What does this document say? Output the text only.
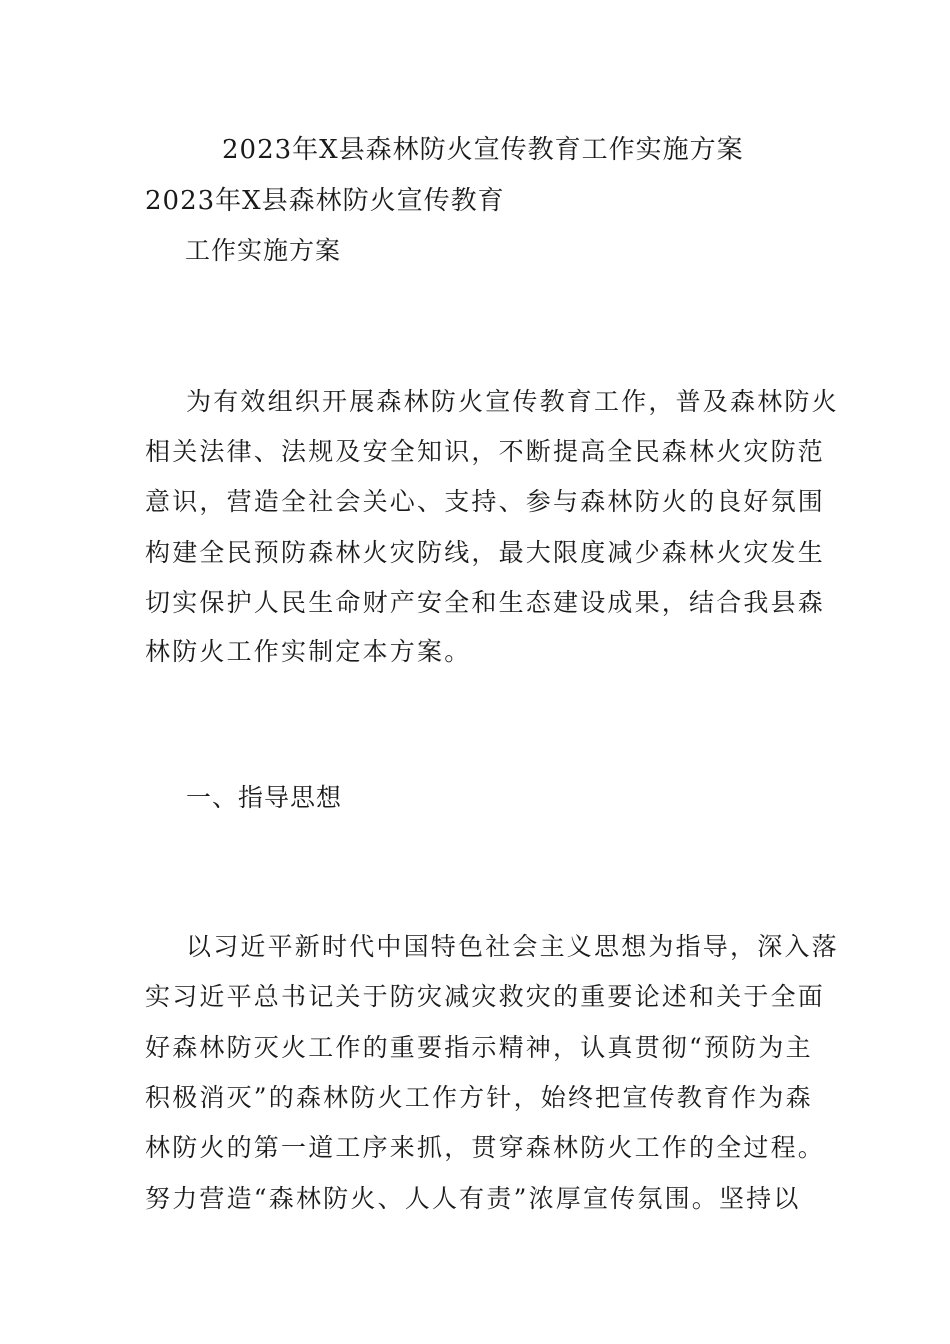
2023年X县森林防火宣传教育工作实施方案
2023年X县森林防火宣传教育
工作实施方案
为有效组织开展森林防火宣传教育工作，普及森林防火
相关法律、法规及安全知识，不断提高全民森林火灾防范
意识，营造全社会关心、支持、参与森林防火的良好氛围
构建全民预防森林火灾防线，最大限度减少森林火灾发生
切实保护人民生命财产安全和生态建设成果，结合我县森
林防火工作实制定本方案。
一、指导思想
以习近平新时代中国特色社会主义思想为指导，深入落
实习近平总书记关于防灾减灾救灾的重要论述和关于全面
好森林防灭火工作的重要指示精神，认真贯彻“预防为主
积极消灭”的森林防火工作方针，始终把宣传教育作为森
林防火的第一道工序来抓，贯穿森林防火工作的全过程。
努力营造“森林防火、人人有责”浓厚宣传氛围。坚持以
